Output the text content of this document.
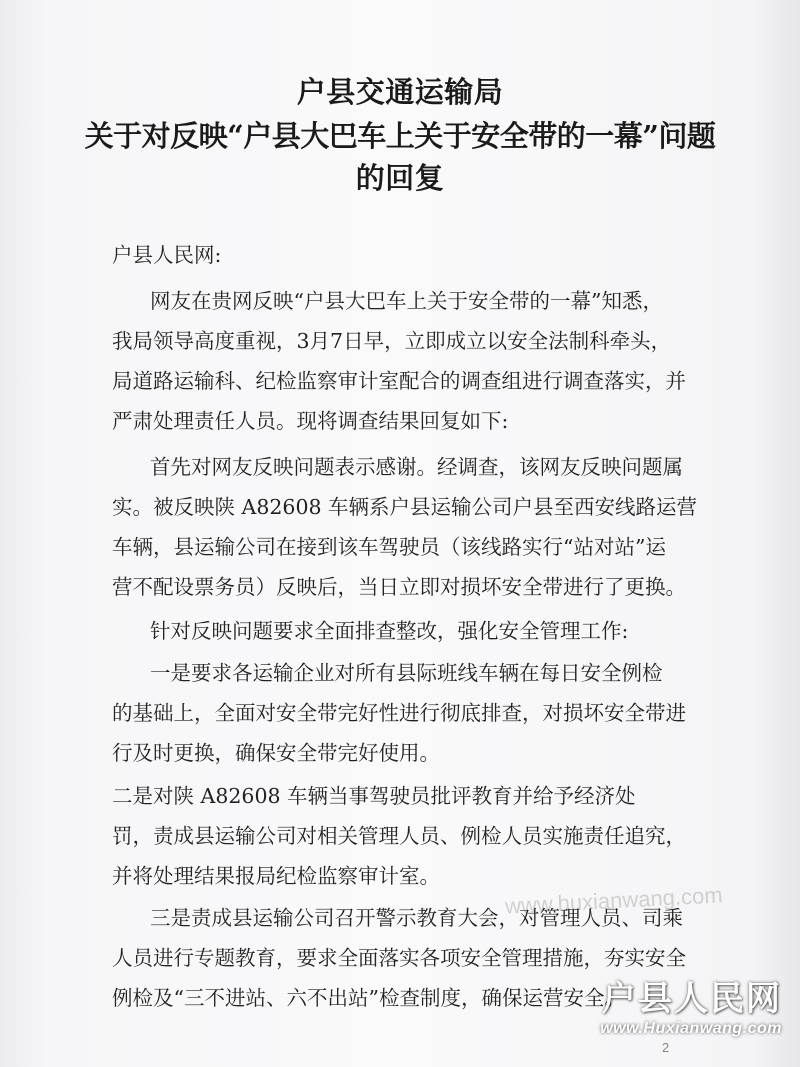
户县交通运输局

关于对反映“户县大巴车上关于安全带的一幕”问题

的回复

户县人民网:

网友在贵网反映“户县大巴车上关于安全带的一幕”知悉，

我局领导高度重视，3月7日早，立即成立以安全法制科牵头，

局道路运输科、纪检监察审计室配合的调查组进行调查落实，并

严肃处理责任人员。现将调查结果回复如下:

首先对网友反映问题表示感谢。经调查，该网友反映问题属

实。被反映陕 A82608 车辆系户县运输公司户县至西安线路运营

车辆，县运输公司在接到该车驾驶员（该线路实行“站对站”运

营不配设票务员）反映后，当日立即对损坏安全带进行了更换。

针对反映问题要求全面排查整改，强化安全管理工作:

一是要求各运输企业对所有县际班线车辆在每日安全例检

的基础上，全面对安全带完好性进行彻底排查，对损坏安全带进

行及时更换，确保安全带完好使用。

二是对陕 A82608 车辆当事驾驶员批评教育并给予经济处

罚，责成县运输公司对相关管理人员、例检人员实施责任追究，

并将处理结果报局纪检监察审计室。

三是责成县运输公司召开警示教育大会，对管理人员、司乘

人员进行专题教育，要求全面落实各项安全管理措施，夯实安全

例检及“三不进站、六不出站”检查制度，确保运营安全。

www.huxianwang.com
户县人民网
www.Huxianwang.com
2
